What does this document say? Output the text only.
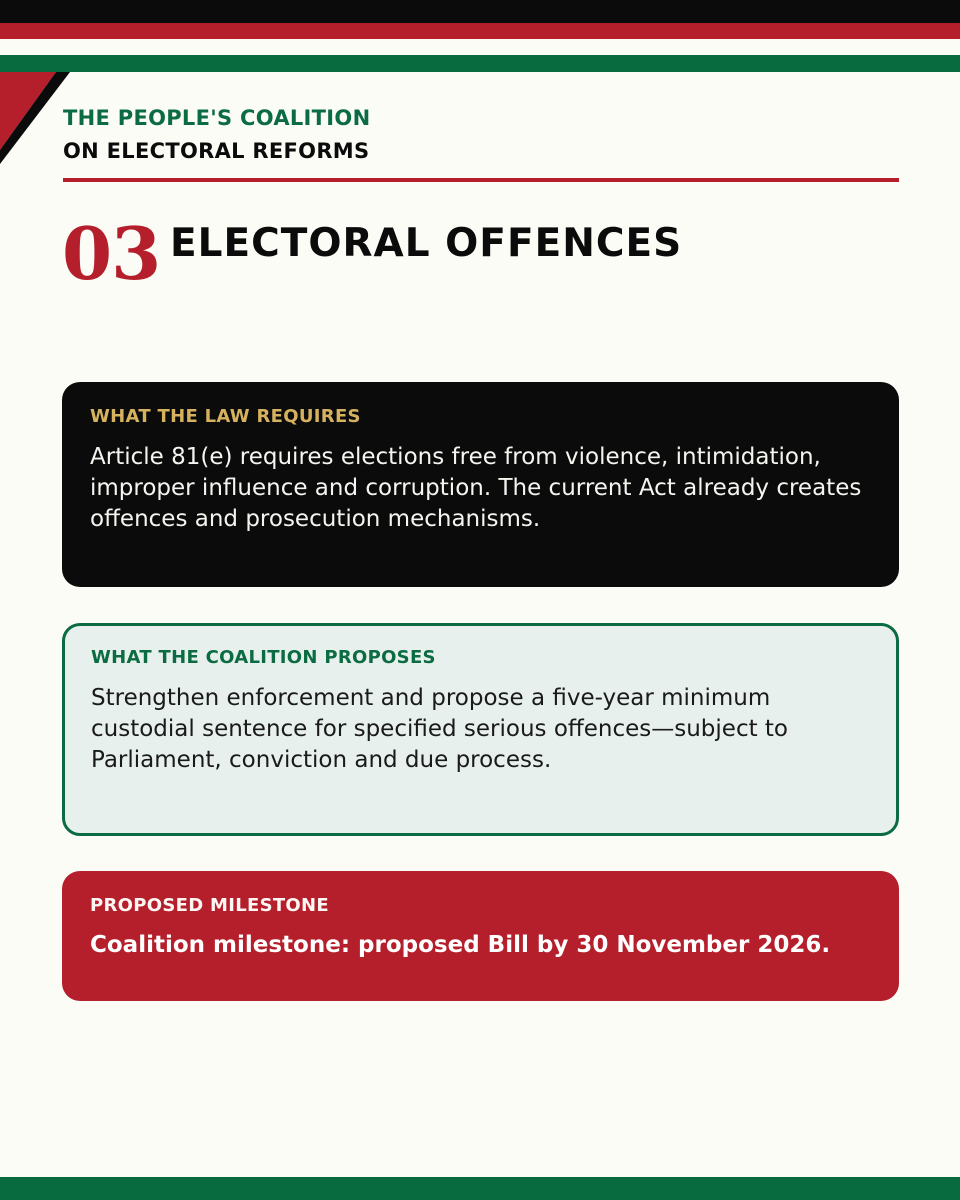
THE PEOPLE'S COALITION
ON ELECTORAL REFORMS
03 ELECTORAL OFFENCES
WHAT THE LAW REQUIRES
Article 81(e) requires elections free from violence, intimidation, improper influence and corruption. The current Act already creates offences and prosecution mechanisms.
WHAT THE COALITION PROPOSES
Strengthen enforcement and propose a five-year minimum custodial sentence for specified serious offences—subject to Parliament, conviction and due process.
PROPOSED MILESTONE
Coalition milestone: proposed Bill by 30 November 2026.
